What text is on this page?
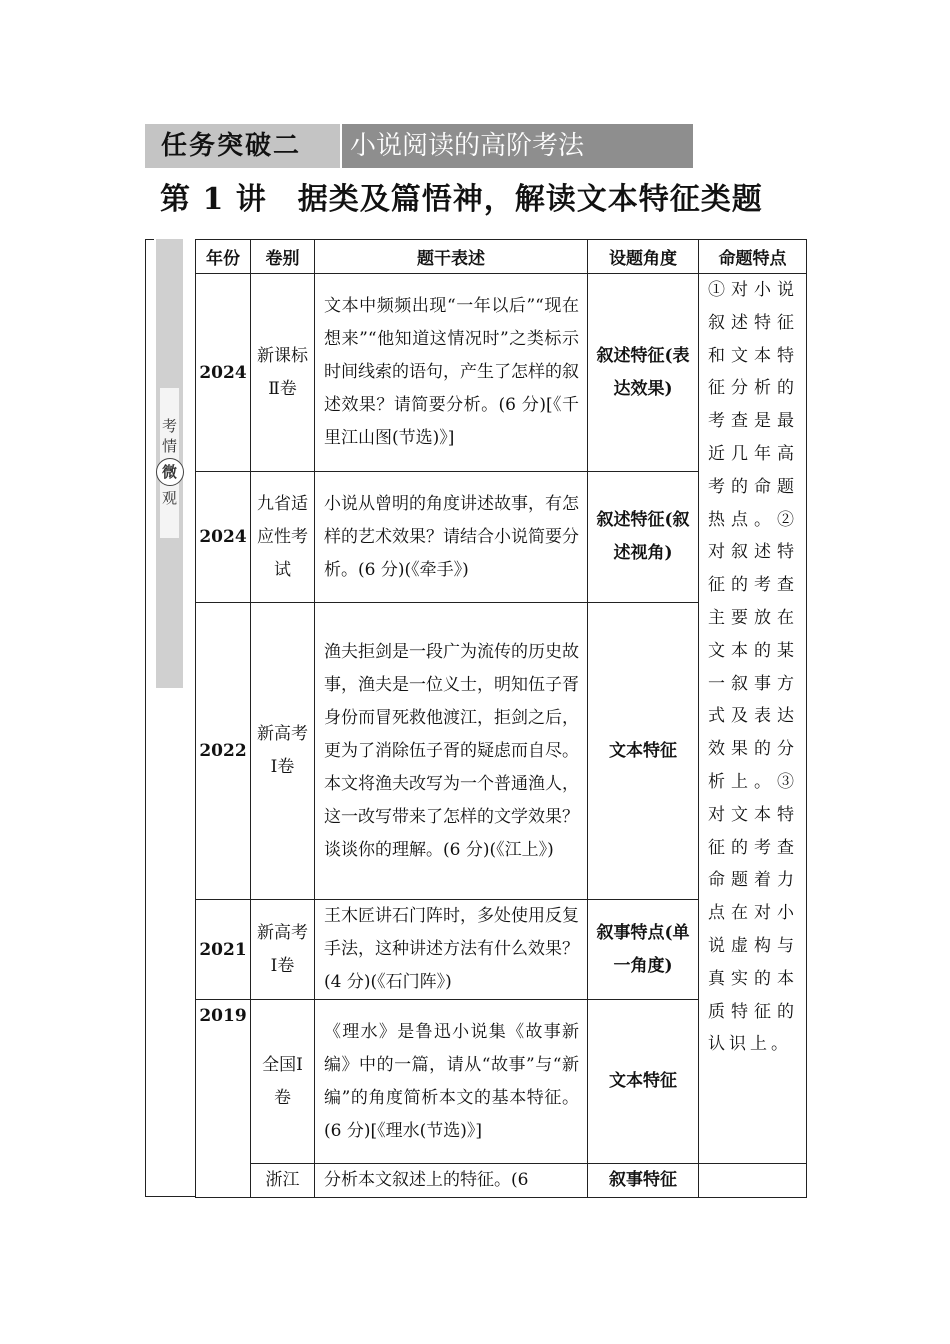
任务突破二	小说阅读的高阶考法
第 1 讲　据类及篇悟神，解读文本特征类题
考
情
微
观
年份	卷别	题干表述	设题角度	命题特点
2024	新课标Ⅱ卷	文本中频频出现“一年以后”“现在想来”“他知道这情况时”之类标示时间线索的语句，产生了怎样的叙述效果？请简要分析。(6 分)[《千里江山图(节选)》]	叙述特征(表达效果)	①对小说叙述特征和文本特征分析的考查是最近几年高考的命题热点。②对叙述特征的考查主要放在文本的某一叙事方式及表达效果的分析上。③对文本特征的考查命题着力点在对小说虚构与真实的本质特征的认识上。
2024	九省适应性考试	小说从曾明的角度讲述故事，有怎样的艺术效果？请结合小说简要分析。(6 分)(《牵手》)	叙述特征(叙述视角)	
2022	新高考Ⅰ卷	渔夫拒剑是一段广为流传的历史故事，渔夫是一位义士，明知伍子胥身份而冒死救他渡江，拒剑之后，更为了消除伍子胥的疑虑而自尽。本文将渔夫改写为一个普通渔人，这一改写带来了怎样的文学效果？谈谈你的理解。(6 分)(《江上》)	文本特征	
2021	新高考Ⅰ卷	王木匠讲石门阵时，多处使用反复手法，这种讲述方法有什么效果？(4 分)(《石门阵》)	叙事特点(单一角度)	
2019	全国Ⅰ卷	《理水》是鲁迅小说集《故事新编》中的一篇，请从“故事”与“新编”的角度简析本文的基本特征。(6 分)[《理水(节选)》]	文本特征	
	浙江	分析本文叙述上的特征。(6	叙事特征	
